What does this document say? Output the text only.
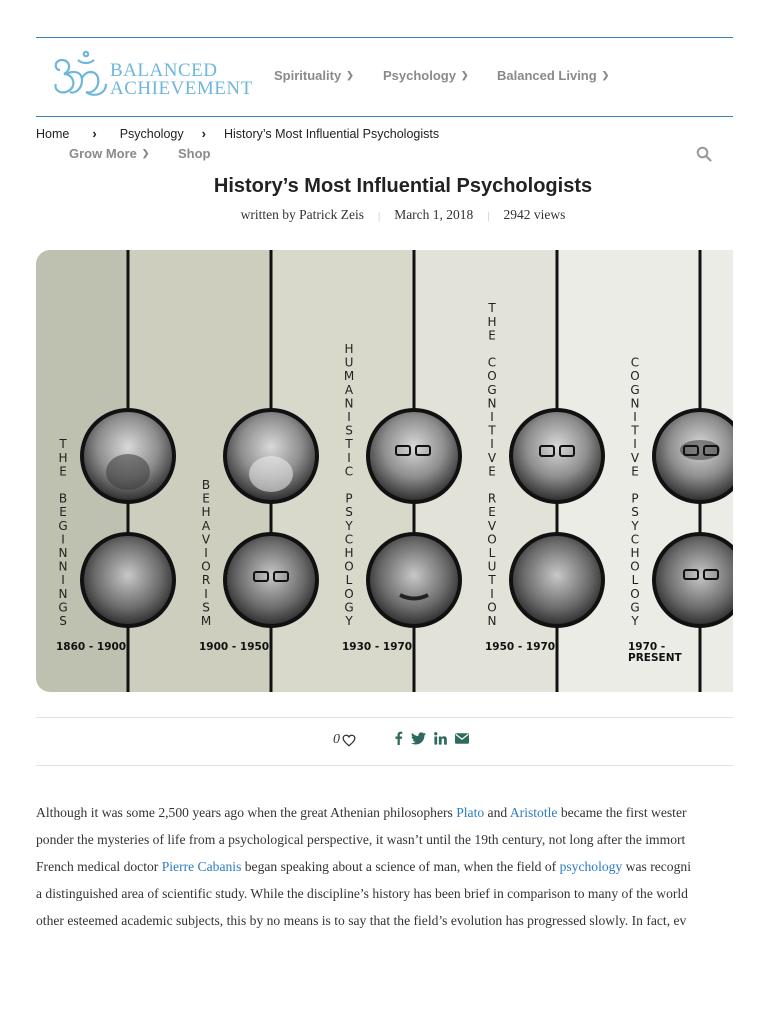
BALANCED
ACHIEVEMENT
Spirituality ❯ Psychology ❯ Balanced Living ❯
Home › Psychology › History’s Most Influential Psychologists
Grow More ❯ Shop
History’s Most Influential Psychologists
written by Patrick Zeis | March 1, 2018 | 2942 views
T H E B E G I N N I N G S
B E H A V I O R I S M
H U M A N I S T I C P S Y C H O L O G Y
T H E C O G N I T I V E R E V O L U T I O N
C O G N I T I V E P S Y C H O L O G Y
1860 - 1900	1900 - 1950	1930 - 1970	1950 - 1970	1970 -
PRESENT
0

Although it was some 2,500 years ago when the great Athenian philosophers Plato and Aristotle became the first wester

ponder the mysteries of life from a psychological perspective, it wasn’t until the 19th century, not long after the immort

French medical doctor Pierre Cabanis began speaking about a science of man, when the field of psychology was recogni

a distinguished area of scientific study. While the discipline’s history has been brief in comparison to many of the world

other esteemed academic subjects, this by no means is to say that the field’s evolution has progressed slowly. In fact, ev
